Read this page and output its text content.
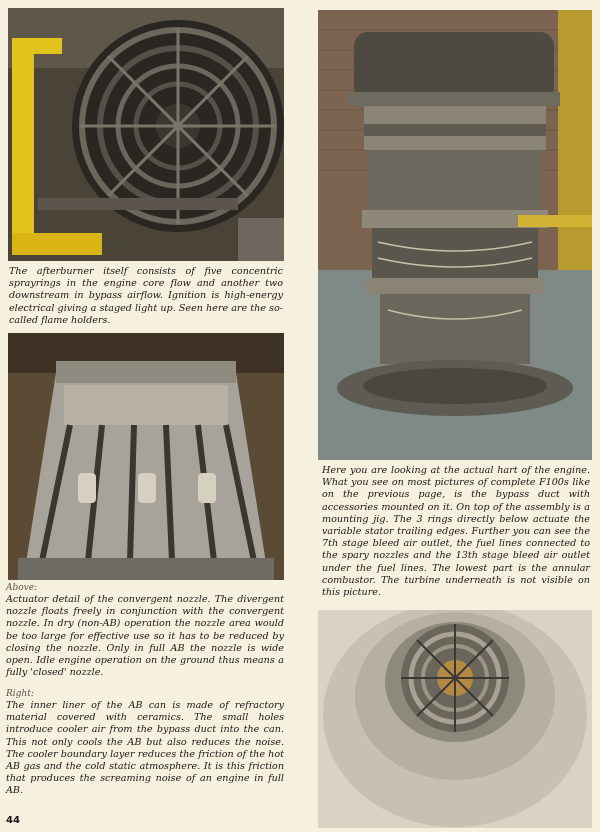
The afterburner itself consists of five concentric sprayrings in the engine core flow and another two downstream in bypass airflow. Ignition is high-energy electrical giving a staged light up. Seen here are the so-called flame holders.

Here you are looking at the actual hart of the engine. What you see on most pictures of complete F100s like on the previous page, is the bypass duct with accessories mounted on it. On top of the assembly is a mounting jig. The 3 rings directly below actuate the variable stator trailing edges. Further you can see the 7th stage bleed air outlet, the fuel lines connected to the spary nozzles and the 13th stage bleed air outlet under the fuel lines. The lowest part is the annular combustor. The turbine underneath is not visible on this picture.

Above:

Actuator detail of the convergent nozzle. The divergent nozzle floats freely in conjunction with the convergent nozzle. In dry (non-AB) operation the nozzle area would be too large for effective use so it has to be reduced by closing the nozzle. Only in full AB the nozzle is wide open. Idle engine operation on the ground thus means a fully 'closed' nozzle.

Right:

The inner liner of the AB can is made of refractory material covered with ceramics. The small holes introduce cooler air from the bypass duct into the can. This not only cools the AB but also reduces the noise. The cooler boundary layer reduces the friction of the hot AB gas and the cold static atmosphere. It is this friction that produces the screaming noise of an engine in full AB.

44
